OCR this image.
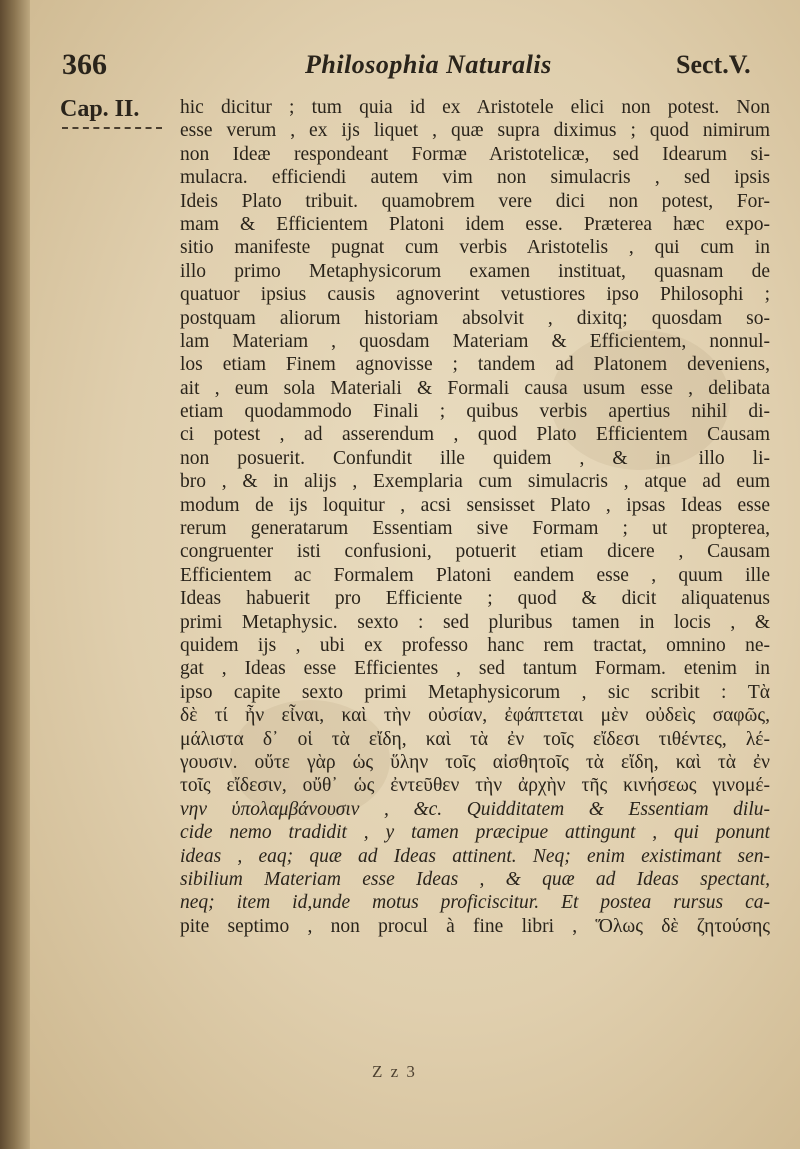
366	Philosophia Naturalis	Sect.V.
Cap. II. hic dicitur ; tum quia id ex Aristotele elici non potest. Non
esse verum , ex ijs liquet , quæ supra diximus ; quod nimirum
non Ideæ respondeant Formæ Aristotelicæ, sed Idearum si-
mulacra. efficiendi autem vim non simulacris , sed ipsis
Ideis Plato tribuit. quamobrem vere dici non potest, For-
mam & Efficientem Platoni idem esse. Præterea hæc expo-
sitio manifeste pugnat cum verbis Aristotelis , qui cum in
illo primo Metaphysicorum examen instituat, quasnam de
quatuor ipsius causis agnoverint vetustiores ipso Philosophi ;
postquam aliorum historiam absolvit , dixitq; quosdam so-
lam Materiam , quosdam Materiam & Efficientem, nonnul-
los etiam Finem agnovisse ; tandem ad Platonem deveniens,
ait , eum sola Materiali & Formali causa usum esse , delibata
etiam quodammodo Finali ; quibus verbis apertius nihil di-
ci potest , ad asserendum , quod Plato Efficientem Causam
non posuerit. Confundit ille quidem , & in illo li-
bro , & in alijs , Exemplaria cum simulacris , atque ad eum
modum de ijs loquitur , acsi sensisset Plato , ipsas Ideas esse
rerum generatarum Essentiam sive Formam ; ut propterea,
congruenter isti confusioni, potuerit etiam dicere , Causam
Efficientem ac Formalem Platoni eandem esse , quum ille
Ideas habuerit pro Efficiente ; quod & dicit aliquatenus
primi Metaphysic. sexto : sed pluribus tamen in locis , &
quidem ijs , ubi ex professo hanc rem tractat, omnino ne-
gat , Ideas esse Efficientes , sed tantum Formam. etenim in
ipso capite sexto primi Metaphysicorum , sic scribit : Τὰ
δὲ τί ἦν εἶναι, καὶ τὴν οὐσίαν, ἐφάπτεται μὲν οὐδεὶς σαφῶς,
μάλιστα δ᾽ οἱ τὰ εἴδη, καὶ τὰ ἐν τοῖς εἴδεσι τιθέντες, λέ-
γουσιν. οὔτε γὰρ ὡς ὕλην τοῖς αἰσθητοῖς τὰ εἴδη, καὶ τὰ ἐν
τοῖς εἴδεσιν, οὔθ᾽ ὡς ἐντεῦθεν τὴν ἀρχὴν τῆς κινήσεως γινομέ-
νην ὑπολαμβάνουσιν , &c. Quidditatem & Essentiam dilu-
cide nemo tradidit , y tamen præcipue attingunt , qui ponunt
ideas , eaq; quæ ad Ideas attinent. Neq; enim existimant sen-
sibilium Materiam esse Ideas , & quæ ad Ideas spectant,
neq; item id,unde motus proficiscitur. Et postea rursus ca-
pite septimo , non procul à fine libri , Ὅλως δὲ ζητούσης
Z z 3
